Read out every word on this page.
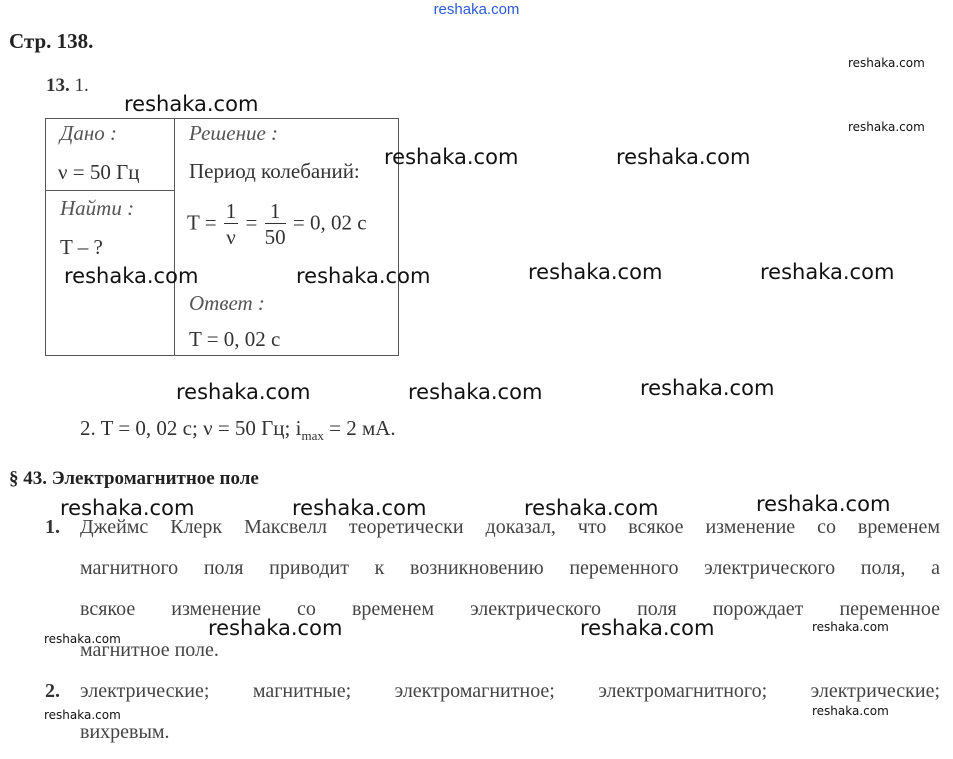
reshaka.com
Стр. 138.
13. 1.
Дано :
ν = 50 Гц
Найти :
T – ?
Решение :
Период колебаний:
$T = \frac{1}{\nu} = \frac{1}{50} = 0$, 02 с
Ответ :
T = 0, 02 с
2. T = 0, 02 с; ν = 50 Гц; $i_{max} = 2$ мА.
§ 43. Электромагнитное поле
1. Джеймс Клерк Максвелл теоретически доказал, что всякое изменение со временем
магнитного поля приводит к возникновению переменного электрического поля, а
всякое изменение со временем электрического поля порождает переменное
магнитное поле.
2. электрические; магнитные; электромагнитное; электромагнитного; электрические;
вихревым.
reshaka.com
reshaka.com	reshaka.com
reshaka.com	reshaka.com	reshaka.com	reshaka.com
reshaka.com	reshaka.com	reshaka.com
reshaka.com	reshaka.com	reshaka.com	reshaka.com
reshaka.com	reshaka.com
reshaka.com
reshaka.com
reshaka.com
reshaka.com
reshaka.com	reshaka.com
